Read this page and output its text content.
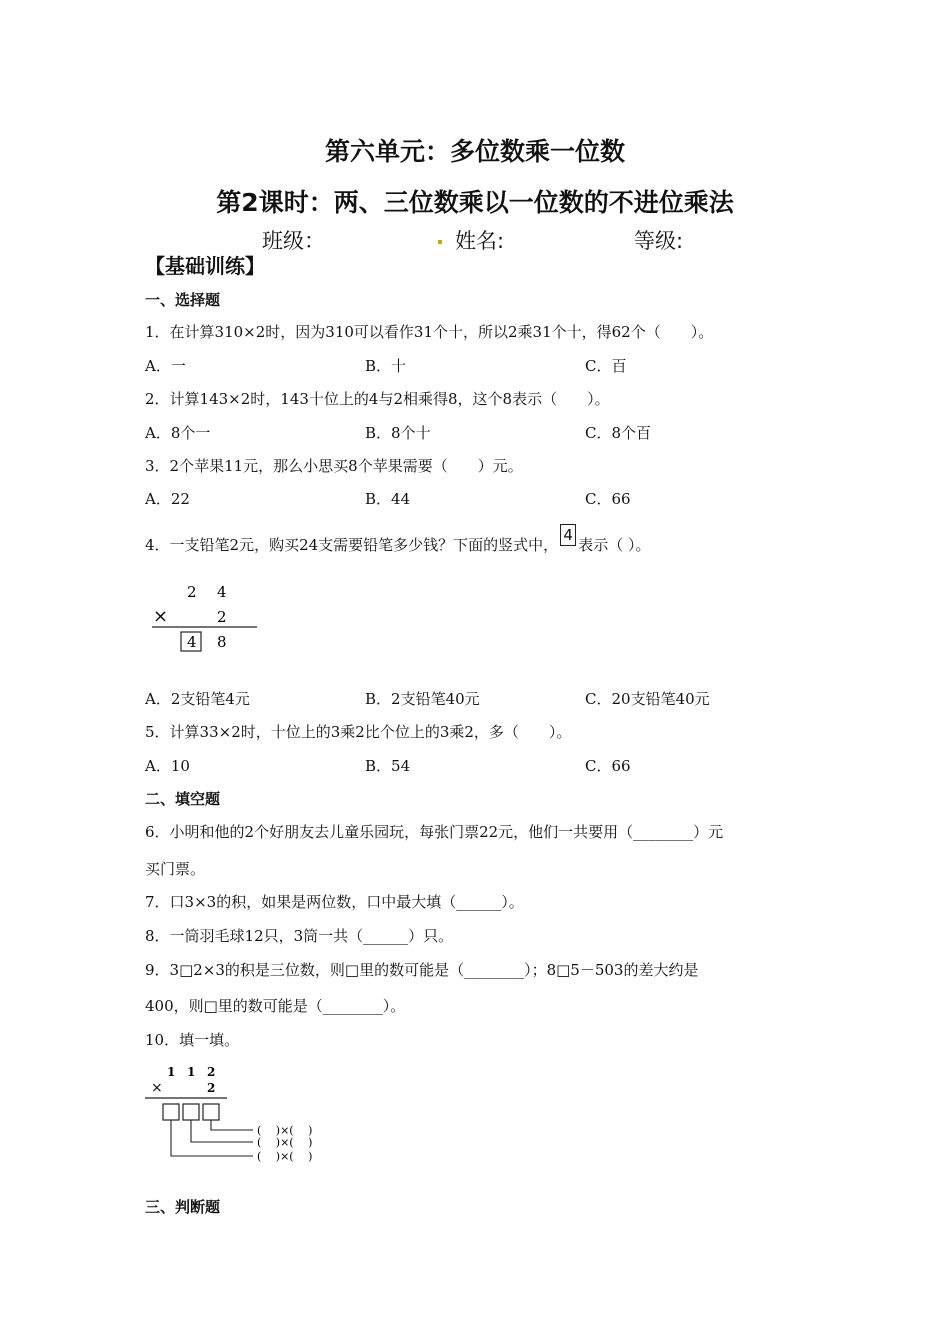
第六单元：多位数乘一位数
第2课时：两、三位数乘以一位数的不进位乘法
班级：	. 姓名:	等级:
【基础训练】
一、选择题
1．在计算310×2时，因为310可以看作31个十，所以2乘31个十，得62个（　　）。
A．一	B．十	C．百
2．计算143×2时，143十位上的4与2相乘得8，这个8表示（　　）。
A．8个一	B．8个十	C．8个百
3．2个苹果11元，那么小思买8个苹果需要（　　）元。
A．22	B．44	C．66
4．一支铅笔2元，购买24支需要铅笔多少钱？下面的竖式中，4表示（ ）。
2 4
×	2
4 8
A．2支铅笔4元	B．2支铅笔40元	C．20支铅笔40元
5．计算33×2时，十位上的3乘2比个位上的3乘2，多（　　）。
A．10	B．54	C．66
二、填空题
6．小明和他的2个好朋友去儿童乐园玩，每张门票22元，他们一共要用（________）元
买门票。
7．口3×3的积，如果是两位数，口中最大填（______）。
8．一筒羽毛球12只，3筒一共（______）只。
9．3□2×3的积是三位数，则□里的数可能是（________）；8□5－503的差大约是
400，则□里的数可能是（________）。
10．填一填。
1 1 2
×	2
(　 )×(　 )
(　 )×(　 )
(　 )×(　 )
三、判断题
